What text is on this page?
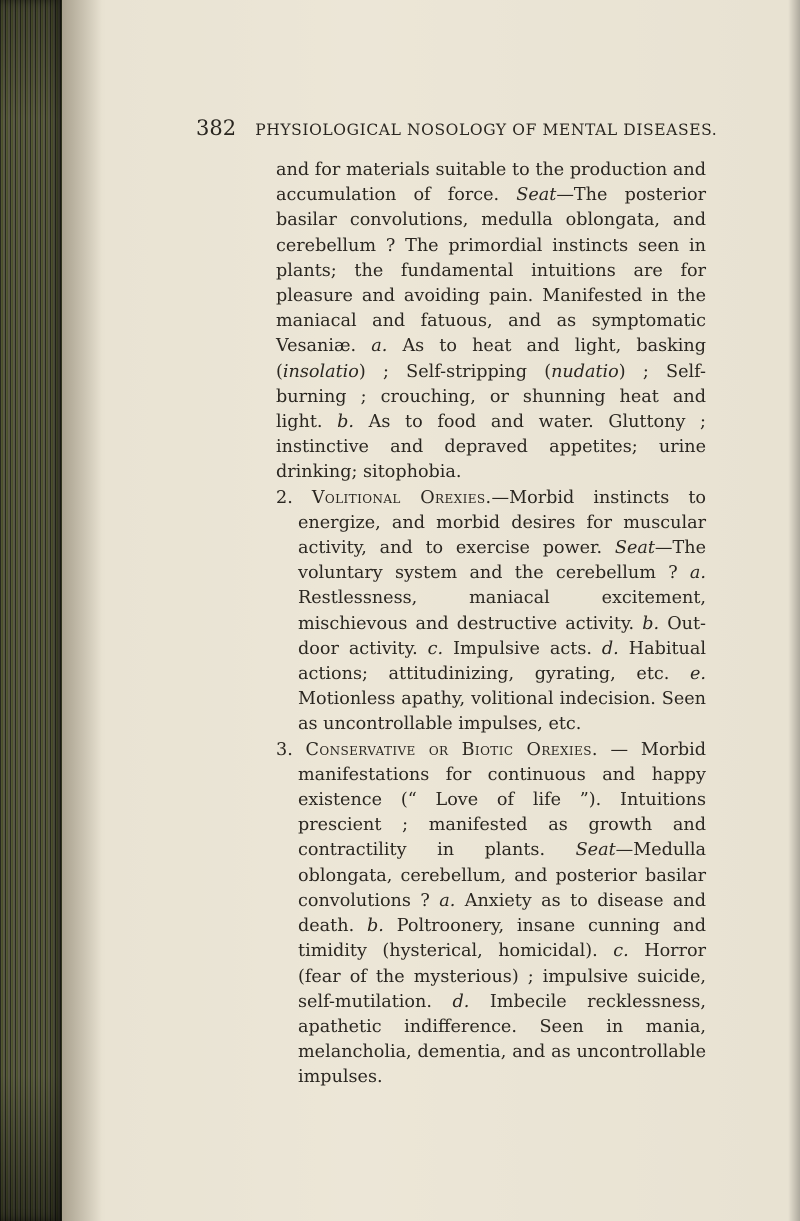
382 PHYSIOLOGICAL NOSOLOGY OF MENTAL DISEASES.

and for materials suitable to the production and accumulation of force. Seat—The posterior basilar convolutions, medulla oblongata, and cerebellum ? The primordial instincts seen in plants; the fundamental intuitions are for pleasure and avoiding pain. Manifested in the maniacal and fatuous, and as symptomatic Vesaniæ. a. As to heat and light, basking (insolatio) ; Self-stripping (nudatio) ; Self-burning ; crouching, or shunning heat and light. b. As to food and water. Gluttony ; instinctive and depraved appetites; urine drinking; sitophobia.

2. Volitional Orexies.—Morbid instincts to energize, and morbid desires for muscular activity, and to exercise power. Seat—The voluntary system and the cerebellum ? a. Restlessness, maniacal excitement, mischievous and destructive activity. b. Out-door activity. c. Impulsive acts. d. Habitual actions; attitudinizing, gyrating, etc. e. Motionless apathy, volitional indecision. Seen as uncontrollable impulses, etc.

3. Conservative or Biotic Orexies. — Morbid manifestations for continuous and happy existence (“ Love of life ”). Intuitions prescient ; manifested as growth and contractility in plants. Seat—Medulla oblongata, cerebellum, and posterior basilar convolutions ? a. Anxiety as to disease and death. b. Poltroonery, insane cunning and timidity (hysterical, homicidal). c. Horror (fear of the mysterious) ; impulsive suicide, self-mutilation. d. Imbecile recklessness, apathetic indifference. Seen in mania, melancholia, dementia, and as uncontrollable impulses.
